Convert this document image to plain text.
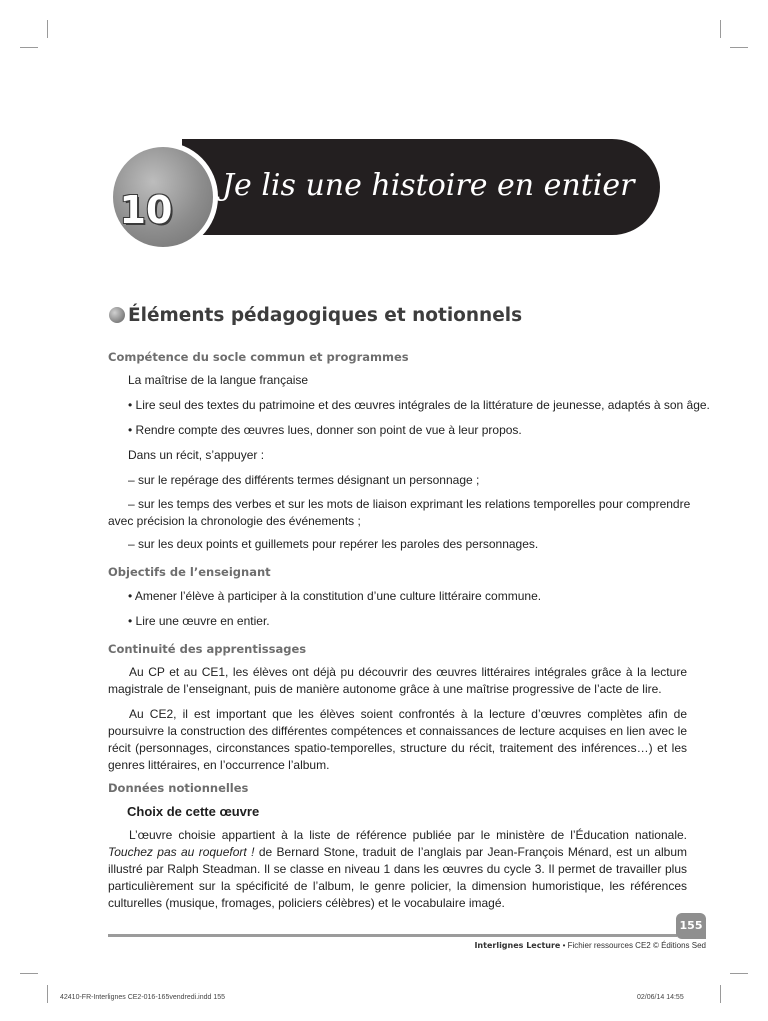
10
Je lis une histoire en entier
Éléments pédagogiques et notionnels
Compétence du socle commun et programmes

La maîtrise de la langue française

• Lire seul des textes du patrimoine et des œuvres intégrales de la littérature de jeunesse, adaptés à son âge.

• Rendre compte des œuvres lues, donner son point de vue à leur propos.

Dans un récit, s’appuyer :

– sur le repérage des différents termes désignant un personnage ;

– sur les temps des verbes et sur les mots de liaison exprimant les relations temporelles pour comprendre

avec précision la chronologie des événements ;

– sur les deux points et guillemets pour repérer les paroles des personnages.

Objectifs de l’enseignant

• Amener l’élève à participer à la constitution d’une culture littéraire commune.

• Lire une œuvre en entier.

Continuité des apprentissages

Au CP et au CE1, les élèves ont déjà pu découvrir des œuvres littéraires intégrales grâce à la lecture magistrale de l’enseignant, puis de manière autonome grâce à une maîtrise progressive de l’acte de lire.

Au CE2, il est important que les élèves soient confrontés à la lecture d’œuvres complètes afin de poursuivre la construction des différentes compétences et connaissances de lecture acquises en lien avec le récit (personnages, circonstances spatio-temporelles, structure du récit, traitement des inférences…) et les genres littéraires, en l’occurrence l’album.

Données notionnelles
Choix de cette œuvre

L’œuvre choisie appartient à la liste de référence publiée par le ministère de l’Éducation nationale. Touchez pas au roquefort ! de Bernard Stone, traduit de l’anglais par Jean-François Ménard, est un album illustré par Ralph Steadman. Il se classe en niveau 1 dans les œuvres du cycle 3. Il permet de travailler plus particulièrement sur la spécificité de l’album, le genre policier, la dimension humoristique, les références culturelles (musique, fromages, policiers célèbres) et le vocabulaire imagé.

155
Interlignes Lecture • Fichier ressources CE2 © Éditions Sed
42410-FR-Interlignes CE2-016-165vendredi.indd 155	02/06/14 14:55
